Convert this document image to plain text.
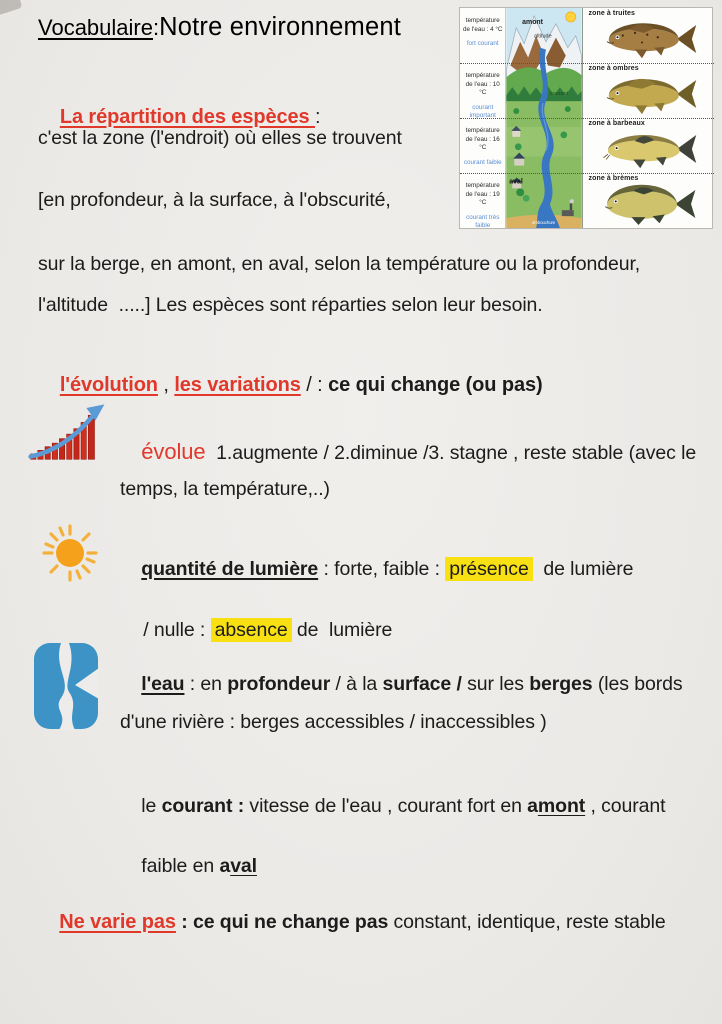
Vocabulaire : Notre environnement	température de l'eau : 4 °C
fort courant
température de l'eau : 10 °C
courant important
température de l'eau : 16 °C
courant faible
température de l'eau : 19 °C
courant très faible
amont
altitude
courant
aval
embouchure
zone à truites
zone à ombres
zone à barbeaux
zone à brèmes

La répartition des espèces :

c'est la zone (l'endroit) où elles se trouvent
[en profondeur, à la surface, à l'obscurité,
sur la berge, en amont, en aval, selon la température ou la profondeur,
l'altitude  .....] Les espèces sont réparties selon leur besoin.

l'évolution , les variations / : ce qui change (ou pas)

évolue  1.augmente / 2.diminue /3. stagne , reste stable (avec le

temps, la température,..)

quantité de lumière : forte, faible : présence  de lumière

/ nulle : absence de  lumière

l'eau : en profondeur / à la surface / sur les berges (les bords

d'une rivière : berges accessibles / inaccessibles )

le courant : vitesse de l'eau , courant fort en amont , courant

faible en aval

Ne varie pas : ce qui ne change pas constant, identique, reste stable
